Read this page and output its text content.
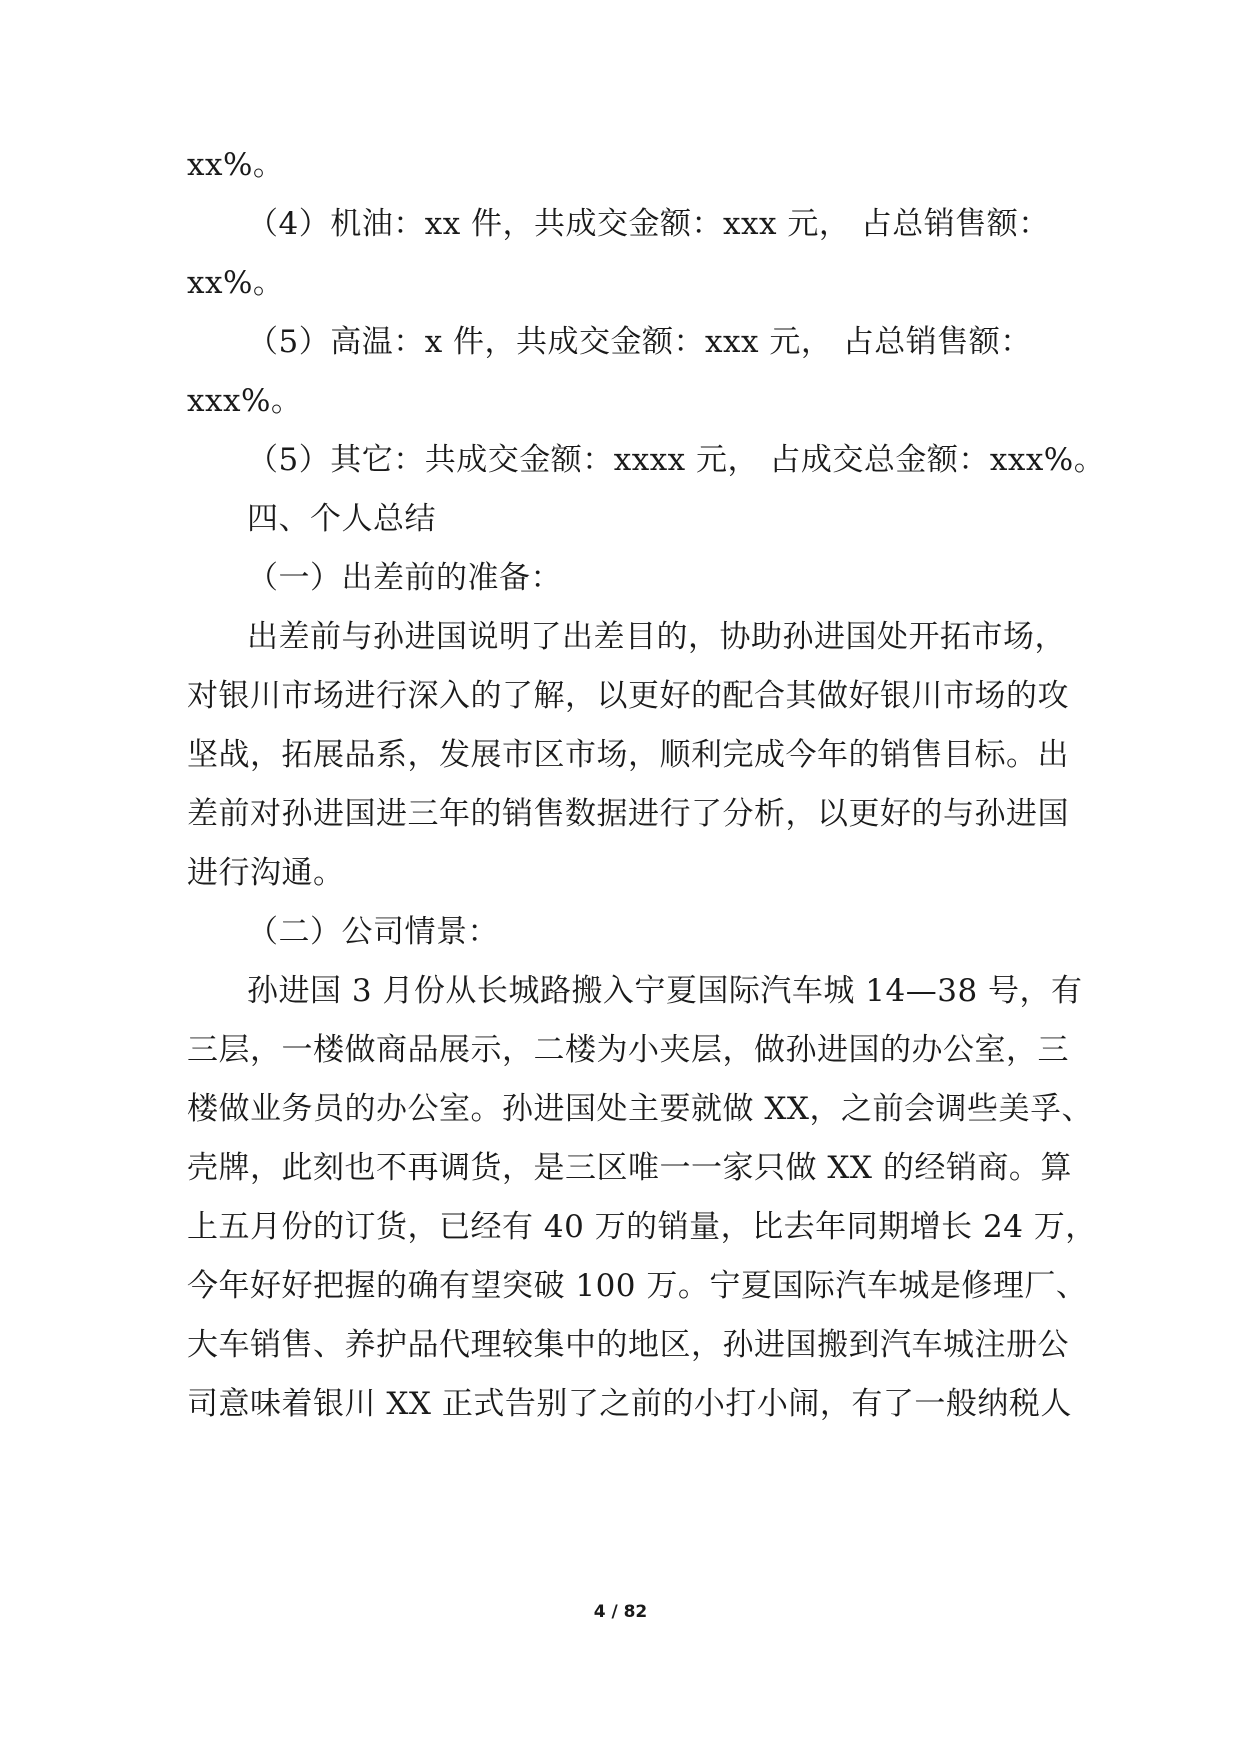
xx%。
（4）机油：xx 件，共成交金额：xxx 元， 占总销售额：
xx%。
（5）高温：x 件，共成交金额：xxx 元， 占总销售额：
xxx%。
（5）其它：共成交金额：xxxx 元， 占成交总金额：xxx%。
四、个人总结
（一）出差前的准备：
出差前与孙进国说明了出差目的，协助孙进国处开拓市场，
对银川市场进行深入的了解，以更好的配合其做好银川市场的攻
坚战，拓展品系，发展市区市场，顺利完成今年的销售目标。出
差前对孙进国进三年的销售数据进行了分析，以更好的与孙进国
进行沟通。
（二）公司情景：
孙进国 3 月份从长城路搬入宁夏国际汽车城 14—38 号，有
三层，一楼做商品展示，二楼为小夹层，做孙进国的办公室，三
楼做业务员的办公室。孙进国处主要就做 XX，之前会调些美孚、
壳牌，此刻也不再调货，是三区唯一一家只做 XX 的经销商。算
上五月份的订货，已经有 40 万的销量，比去年同期增长 24 万，
今年好好把握的确有望突破 100 万。宁夏国际汽车城是修理厂、
大车销售、养护品代理较集中的地区，孙进国搬到汽车城注册公
司意味着银川 XX 正式告别了之前的小打小闹，有了一般纳税人
4 / 82
